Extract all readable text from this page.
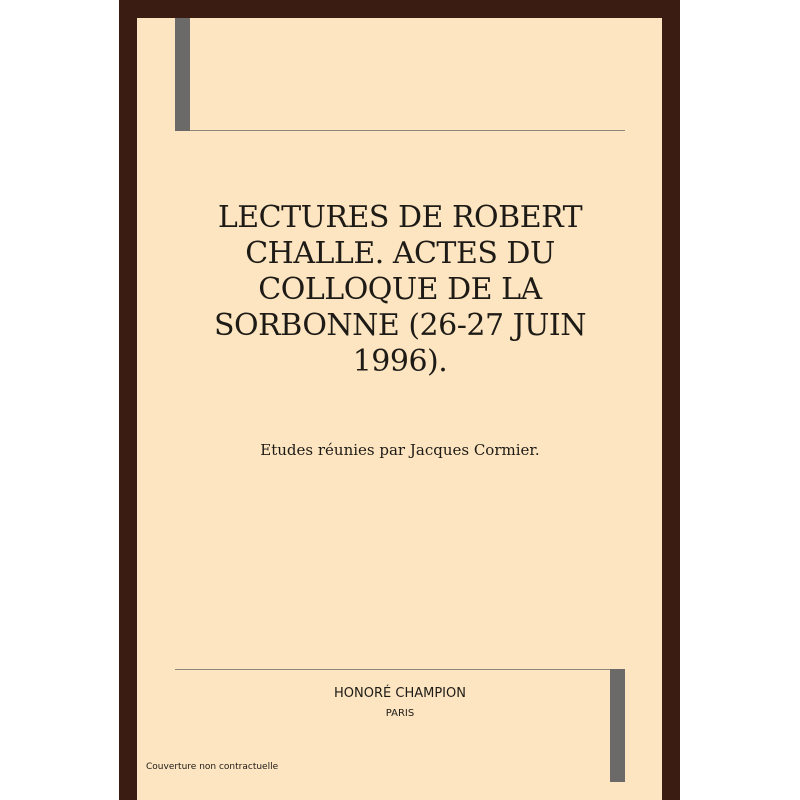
LECTURES DE ROBERT CHALLE. ACTES DU COLLOQUE DE LA SORBONNE (26-27 JUIN 1996).
Etudes réunies par Jacques Cormier.
HONORÉ CHAMPION
PARIS
Couverture non contractuelle
